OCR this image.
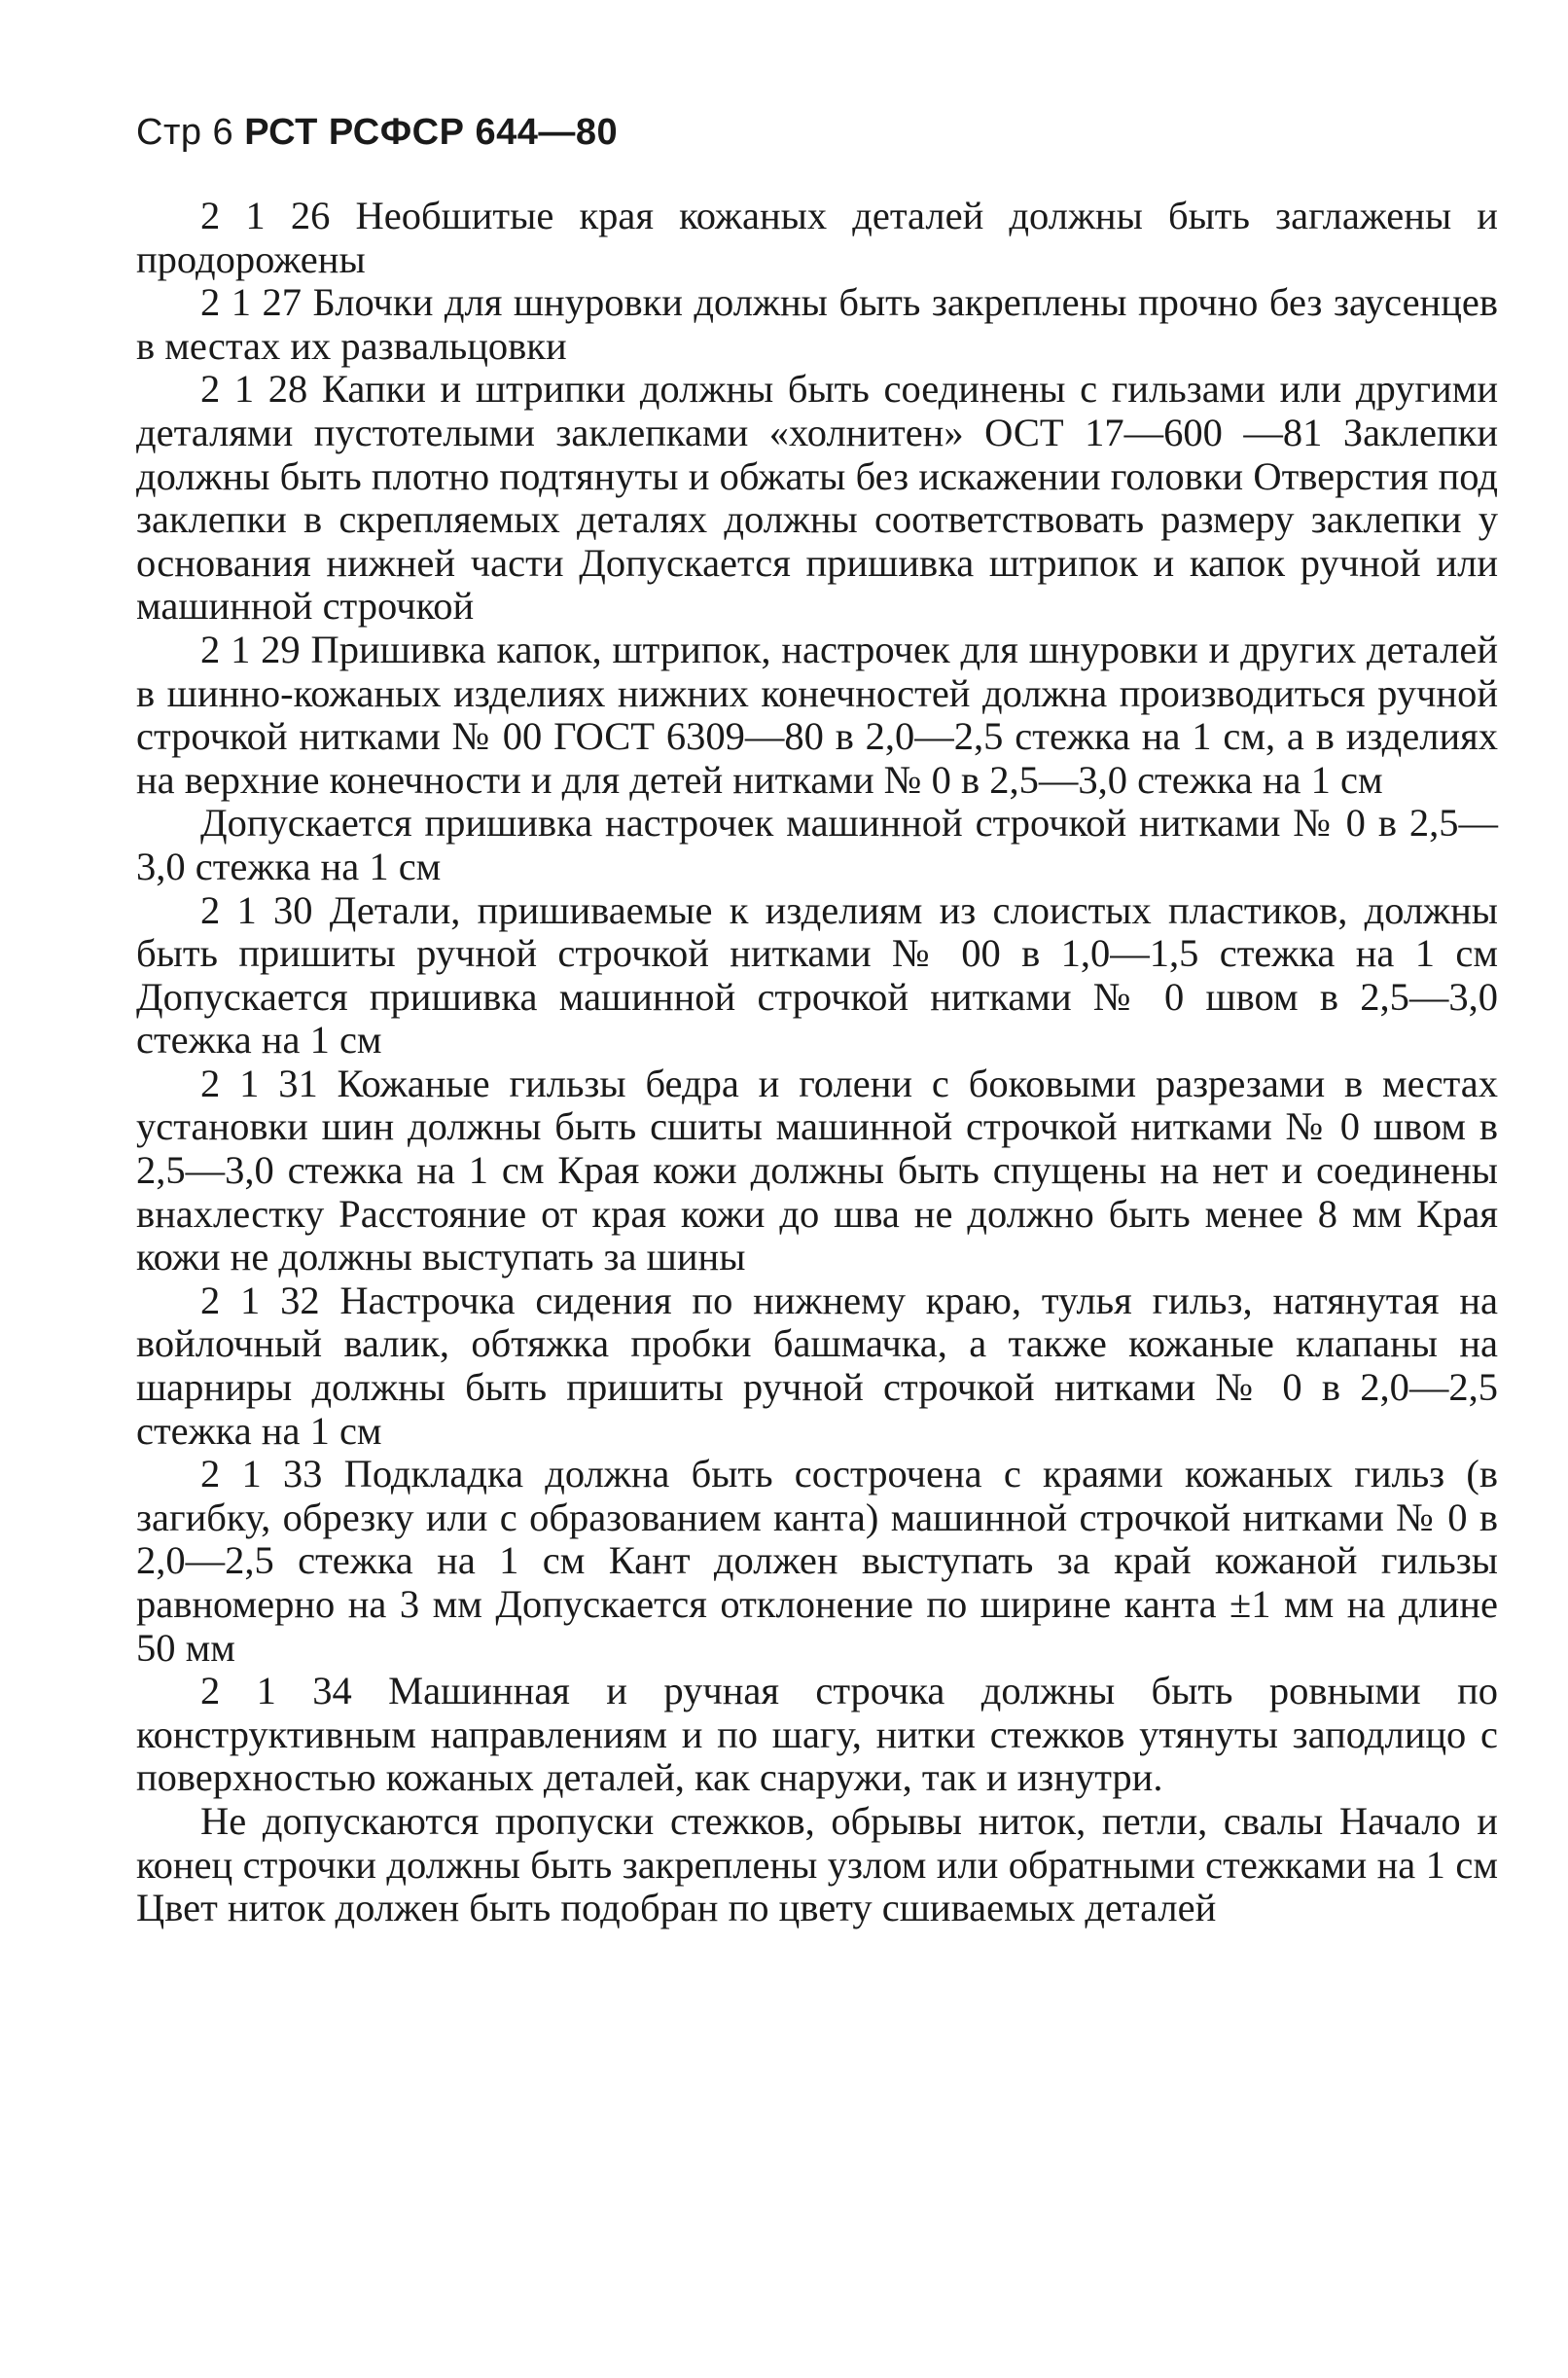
Стр 6 РСТ РСФСР 644—80

2 1 26 Необшитые края кожаных деталей должны быть заглажены и продорожены

2 1 27 Блочки для шнуровки должны быть закреплены прочно без заусенцев в местах их развальцовки

2 1 28 Капки и штрипки должны быть соединены с гильзами или другими деталями пустотелыми заклепками «холнитен» ОСТ 17—600 —81 Заклепки должны быть плотно подтянуты и обжаты без искажении головки Отверстия под заклепки в скрепляемых деталях должны соответствовать размеру заклепки у основания нижней части Допускается пришивка штрипок и капок ручной или машинной строчкой

2 1 29 Пришивка капок, штрипок, настрочек для шнуровки и других деталей в шинно-кожаных изделиях нижних конечностей должна производиться ручной строчкой нитками № 00 ГОСТ 6309—80 в 2,0—2,5 стежка на 1 см, а в изделиях на верхние конечности и для детей нитками № 0 в 2,5—3,0 стежка на 1 см

Допускается пришивка настрочек машинной строчкой нитками № 0 в 2,5—3,0 стежка на 1 см

2 1 30 Детали, пришиваемые к изделиям из слоистых пластиков, должны быть пришиты ручной строчкой нитками № 00 в 1,0—1,5 стежка на 1 см Допускается пришивка машинной строчкой нитками № 0 швом в 2,5—3,0 стежка на 1 см

2 1 31 Кожаные гильзы бедра и голени с боковыми разрезами в местах установки шин должны быть сшиты машинной строчкой нитками № 0 швом в 2,5—3,0 стежка на 1 см Края кожи должны быть спущены на нет и соединены внахлестку Расстояние от края кожи до шва не должно быть менее 8 мм Края кожи не должны выступать за шины

2 1 32 Настрочка сидения по нижнему краю, тулья гильз, натянутая на войлочный валик, обтяжка пробки башмачка, а также кожаные клапаны на шарниры должны быть пришиты ручной строчкой нитками № 0 в 2,0—2,5 стежка на 1 см

2 1 33 Подкладка должна быть сострочена с краями кожаных гильз (в загибку, обрезку или с образованием канта) машинной строчкой нитками № 0 в 2,0—2,5 стежка на 1 см Кант должен выступать за край кожаной гильзы равномерно на 3 мм Допускается отклонение по ширине канта ±1 мм на длине 50 мм

2 1 34 Машинная и ручная строчка должны быть ровными по конструктивным направлениям и по шагу, нитки стежков утянуты заподлицо с поверхностью кожаных деталей, как снаружи, так и изнутри.

Не допускаются пропуски стежков, обрывы ниток, петли, свалы Начало и конец строчки должны быть закреплены узлом или обратными стежками на 1 см Цвет ниток должен быть подобран по цвету сшиваемых деталей
